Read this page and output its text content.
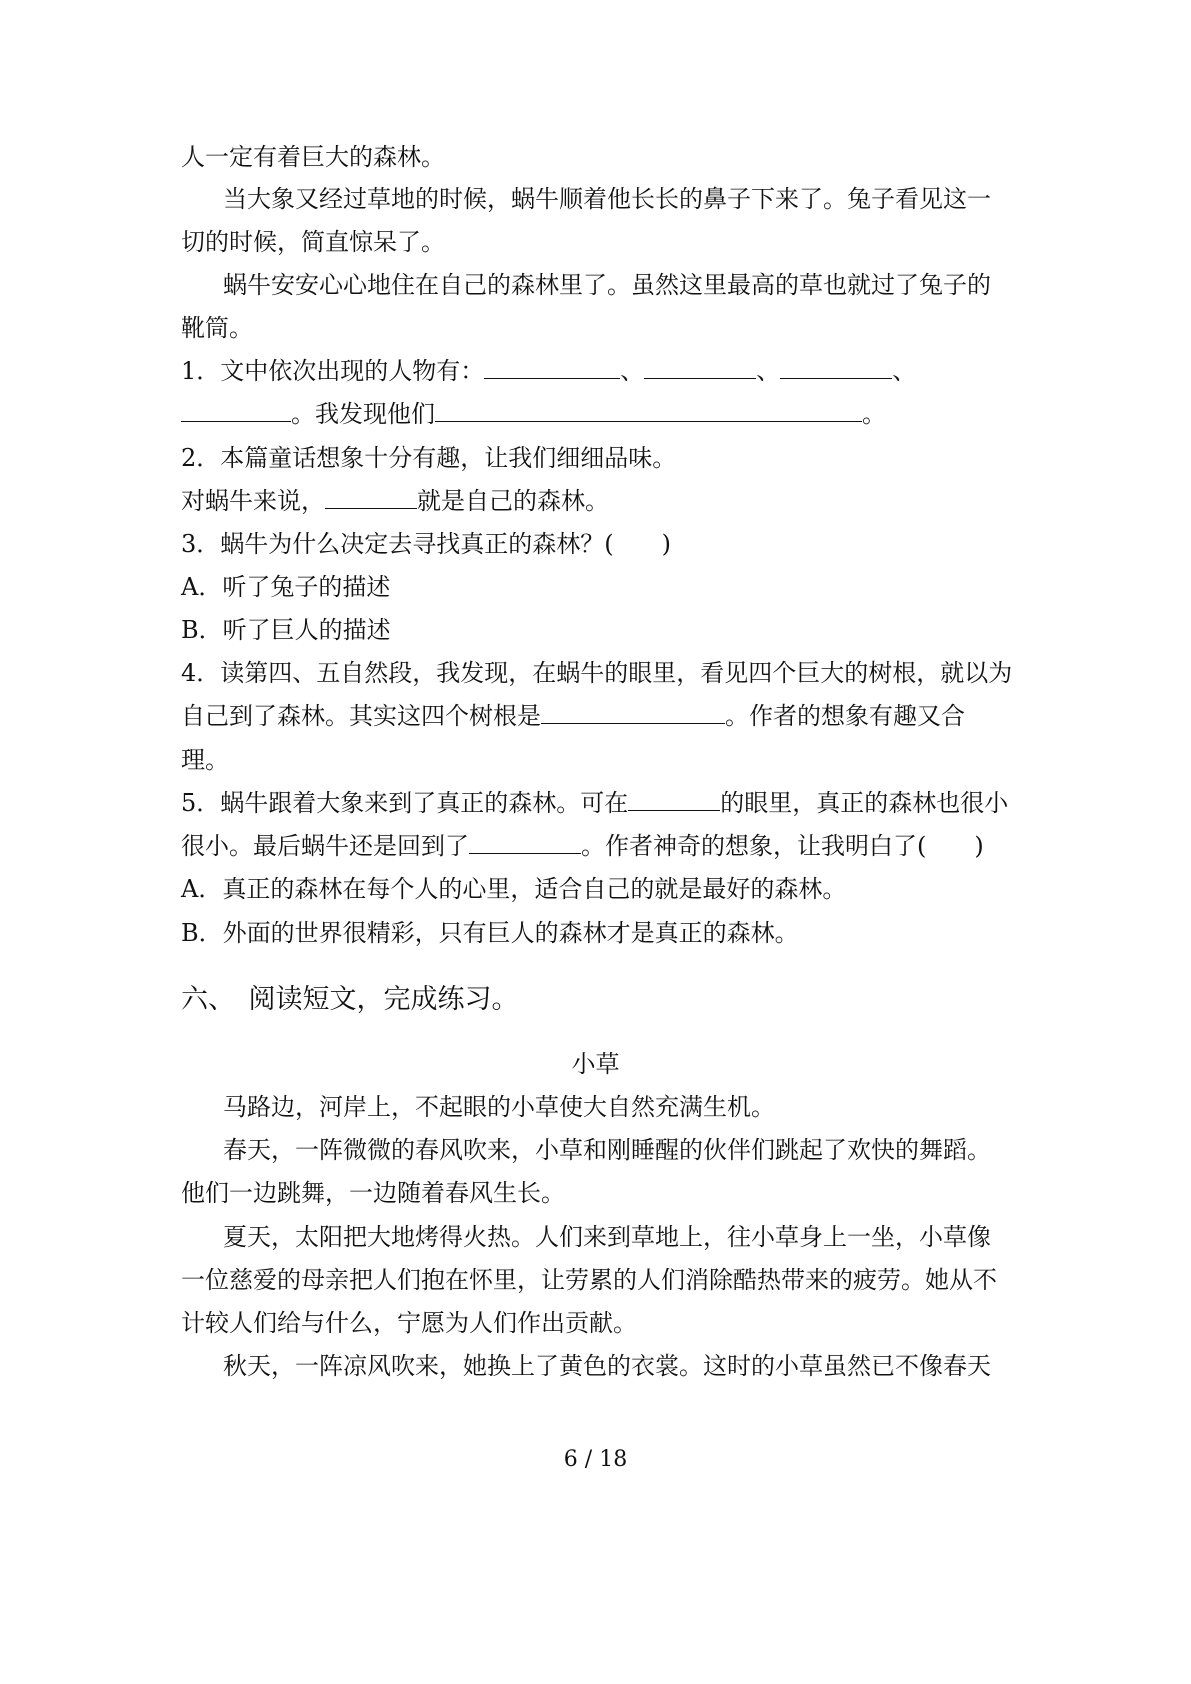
人一定有着巨大的森林。
当大象又经过草地的时候，蜗牛顺着他长长的鼻子下来了。兔子看见这一
切的时候，简直惊呆了。
蜗牛安安心心地住在自己的森林里了。虽然这里最高的草也就过了兔子的
靴筒。
1．文中依次出现的人物有：	、	、	、
。我发现他们	。
2．本篇童话想象十分有趣，让我们细细品味。
对蜗牛来说，	就是自己的森林。
3．蜗牛为什么决定去寻找真正的森林？(　　)
A．听了兔子的描述
B．听了巨人的描述
4．读第四、五自然段，我发现，在蜗牛的眼里，看见四个巨大的树根，就以为
自己到了森林。其实这四个树根是	。作者的想象有趣又合
理。
5．蜗牛跟着大象来到了真正的森林。可在	的眼里，真正的森林也很小
很小。最后蜗牛还是回到了	。作者神奇的想象，让我明白了(　　)
A．真正的森林在每个人的心里，适合自己的就是最好的森林。
B．外面的世界很精彩，只有巨人的森林才是真正的森林。
六、　阅读短文，完成练习。
小草
马路边，河岸上，不起眼的小草使大自然充满生机。
春天，一阵微微的春风吹来，小草和刚睡醒的伙伴们跳起了欢快的舞蹈。
他们一边跳舞，一边随着春风生长。
夏天，太阳把大地烤得火热。人们来到草地上，往小草身上一坐，小草像
一位慈爱的母亲把人们抱在怀里，让劳累的人们消除酷热带来的疲劳。她从不
计较人们给与什么，宁愿为人们作出贡献。
秋天，一阵凉风吹来，她换上了黄色的衣裳。这时的小草虽然已不像春天
6 / 18
